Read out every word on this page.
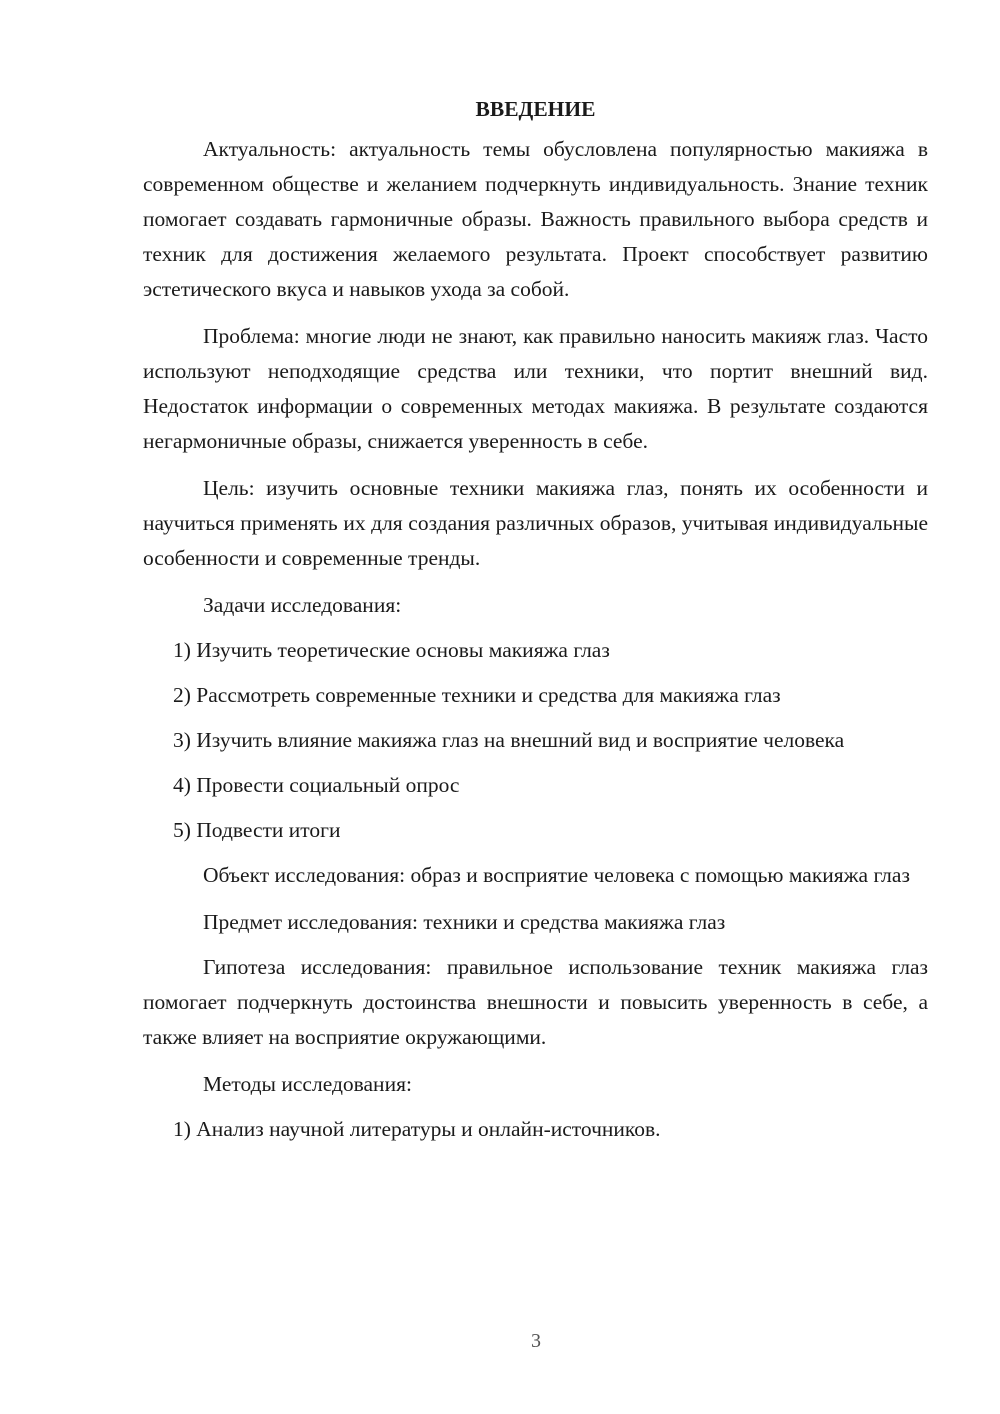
ВВЕДЕНИЕ

Актуальность: актуальность темы обусловлена популярностью макияжа в современном обществе и желанием подчеркнуть индивидуальность. Знание техник помогает создавать гармоничные образы. Важность правильного выбора средств и техник для достижения желаемого результата. Проект способствует развитию эстетического вкуса и навыков ухода за собой.

Проблема: многие люди не знают, как правильно наносить макияж глаз. Часто используют неподходящие средства или техники, что портит внешний вид. Недостаток информации о современных методах макияжа. В результате создаются негармоничные образы, снижается уверенность в себе.

Цель: изучить основные техники макияжа глаз, понять их особенности и научиться применять их для создания различных образов, учитывая индивидуальные особенности и современные тренды.

Задачи исследования:

1) Изучить теоретические основы макияжа глаз

2) Рассмотреть современные техники и средства для макияжа глаз

3) Изучить влияние макияжа глаз на внешний вид и восприятие человека

4) Провести социальный опрос

5) Подвести итоги

Объект исследования: образ и восприятие человека с помощью макияжа глаз

Предмет исследования: техники и средства макияжа глаз

Гипотеза исследования: правильное использование техник макияжа глаз помогает подчеркнуть достоинства внешности и повысить уверенность в себе, а также влияет на восприятие окружающими.

Методы исследования:

1) Анализ научной литературы и онлайн-источников.

3
